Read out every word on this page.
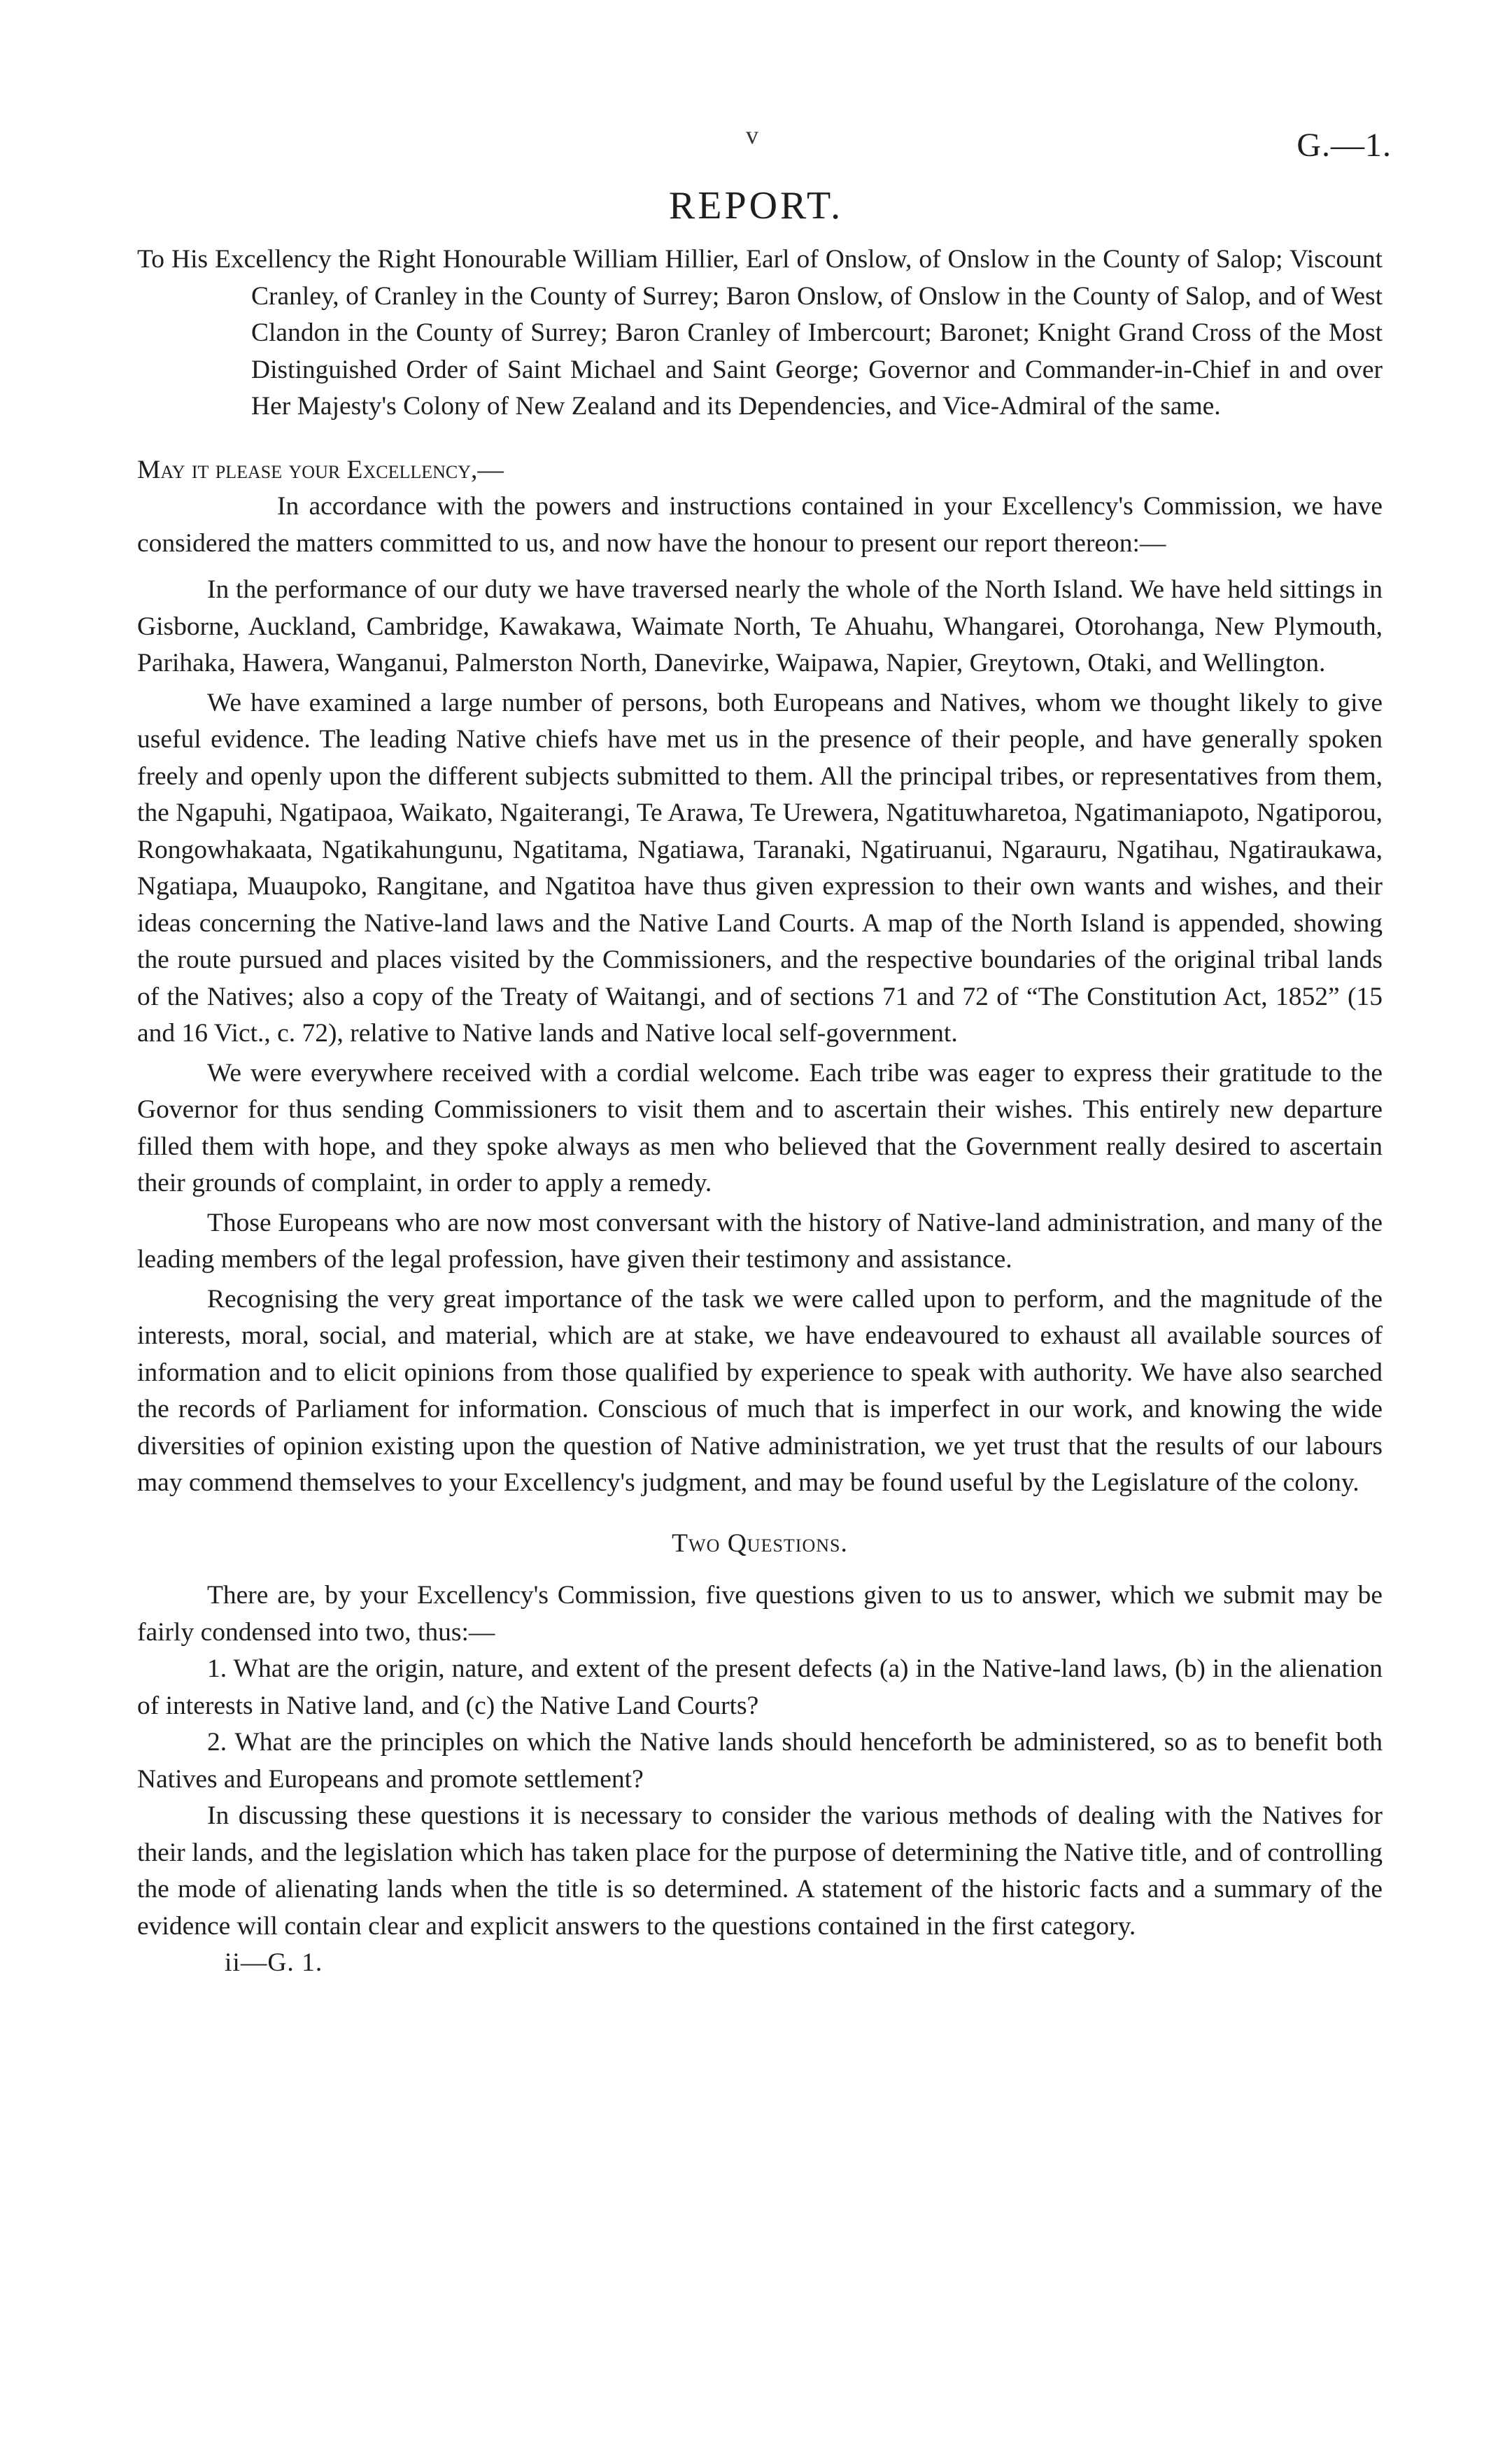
v	G.—1.
REPORT.

To His Excellency the Right Honourable William Hillier, Earl of Onslow, of Onslow in the County of Salop; Viscount Cranley, of Cranley in the County of Surrey; Baron Onslow, of Onslow in the County of Salop, and of West Clandon in the County of Surrey; Baron Cranley of Imbercourt; Baronet; Knight Grand Cross of the Most Distinguished Order of Saint Michael and Saint George; Governor and Commander-in-Chief in and over Her Majesty's Colony of New Zealand and its Dependencies, and Vice-Admiral of the same.

May it please your Excellency,—

In accordance with the powers and instructions contained in your Excellency's Commission, we have considered the matters committed to us, and now have the honour to present our report thereon:—

In the performance of our duty we have traversed nearly the whole of the North Island. We have held sittings in Gisborne, Auckland, Cambridge, Kawakawa, Waimate North, Te Ahuahu, Whangarei, Otorohanga, New Plymouth, Parihaka, Hawera, Wanganui, Palmerston North, Danevirke, Waipawa, Napier, Greytown, Otaki, and Wellington.

We have examined a large number of persons, both Europeans and Natives, whom we thought likely to give useful evidence. The leading Native chiefs have met us in the presence of their people, and have generally spoken freely and openly upon the different subjects submitted to them. All the principal tribes, or representatives from them, the Ngapuhi, Ngatipaoa, Waikato, Ngaiterangi, Te Arawa, Te Urewera, Ngatituwharetoa, Ngatimaniapoto, Ngatiporou, Rongowhakaata, Ngatikahungunu, Ngatitama, Ngatiawa, Taranaki, Ngatiruanui, Ngarauru, Ngatihau, Ngatiraukawa, Ngatiapa, Muaupoko, Rangitane, and Ngatitoa have thus given expression to their own wants and wishes, and their ideas concerning the Native-land laws and the Native Land Courts. A map of the North Island is appended, showing the route pursued and places visited by the Commissioners, and the respective boundaries of the original tribal lands of the Natives; also a copy of the Treaty of Waitangi, and of sections 71 and 72 of “The Constitution Act, 1852” (15 and 16 Vict., c. 72), relative to Native lands and Native local self-government.

We were everywhere received with a cordial welcome. Each tribe was eager to express their gratitude to the Governor for thus sending Commissioners to visit them and to ascertain their wishes. This entirely new departure filled them with hope, and they spoke always as men who believed that the Government really desired to ascertain their grounds of complaint, in order to apply a remedy.

Those Europeans who are now most conversant with the history of Native-land administration, and many of the leading members of the legal profession, have given their testimony and assistance.

Recognising the very great importance of the task we were called upon to perform, and the magnitude of the interests, moral, social, and material, which are at stake, we have endeavoured to exhaust all available sources of information and to elicit opinions from those qualified by experience to speak with authority. We have also searched the records of Parliament for information. Conscious of much that is imperfect in our work, and knowing the wide diversities of opinion existing upon the question of Native administration, we yet trust that the results of our labours may commend themselves to your Excellency's judgment, and may be found useful by the Legislature of the colony.

Two Questions.

There are, by your Excellency's Commission, five questions given to us to answer, which we submit may be fairly condensed into two, thus:—

1. What are the origin, nature, and extent of the present defects (a) in the Native-land laws, (b) in the alienation of interests in Native land, and (c) the Native Land Courts?

2. What are the principles on which the Native lands should henceforth be administered, so as to benefit both Natives and Europeans and promote settlement?

In discussing these questions it is necessary to consider the various methods of dealing with the Natives for their lands, and the legislation which has taken place for the purpose of determining the Native title, and of controlling the mode of alienating lands when the title is so determined. A statement of the historic facts and a summary of the evidence will contain clear and explicit answers to the questions contained in the first category.

ii—G. 1.
